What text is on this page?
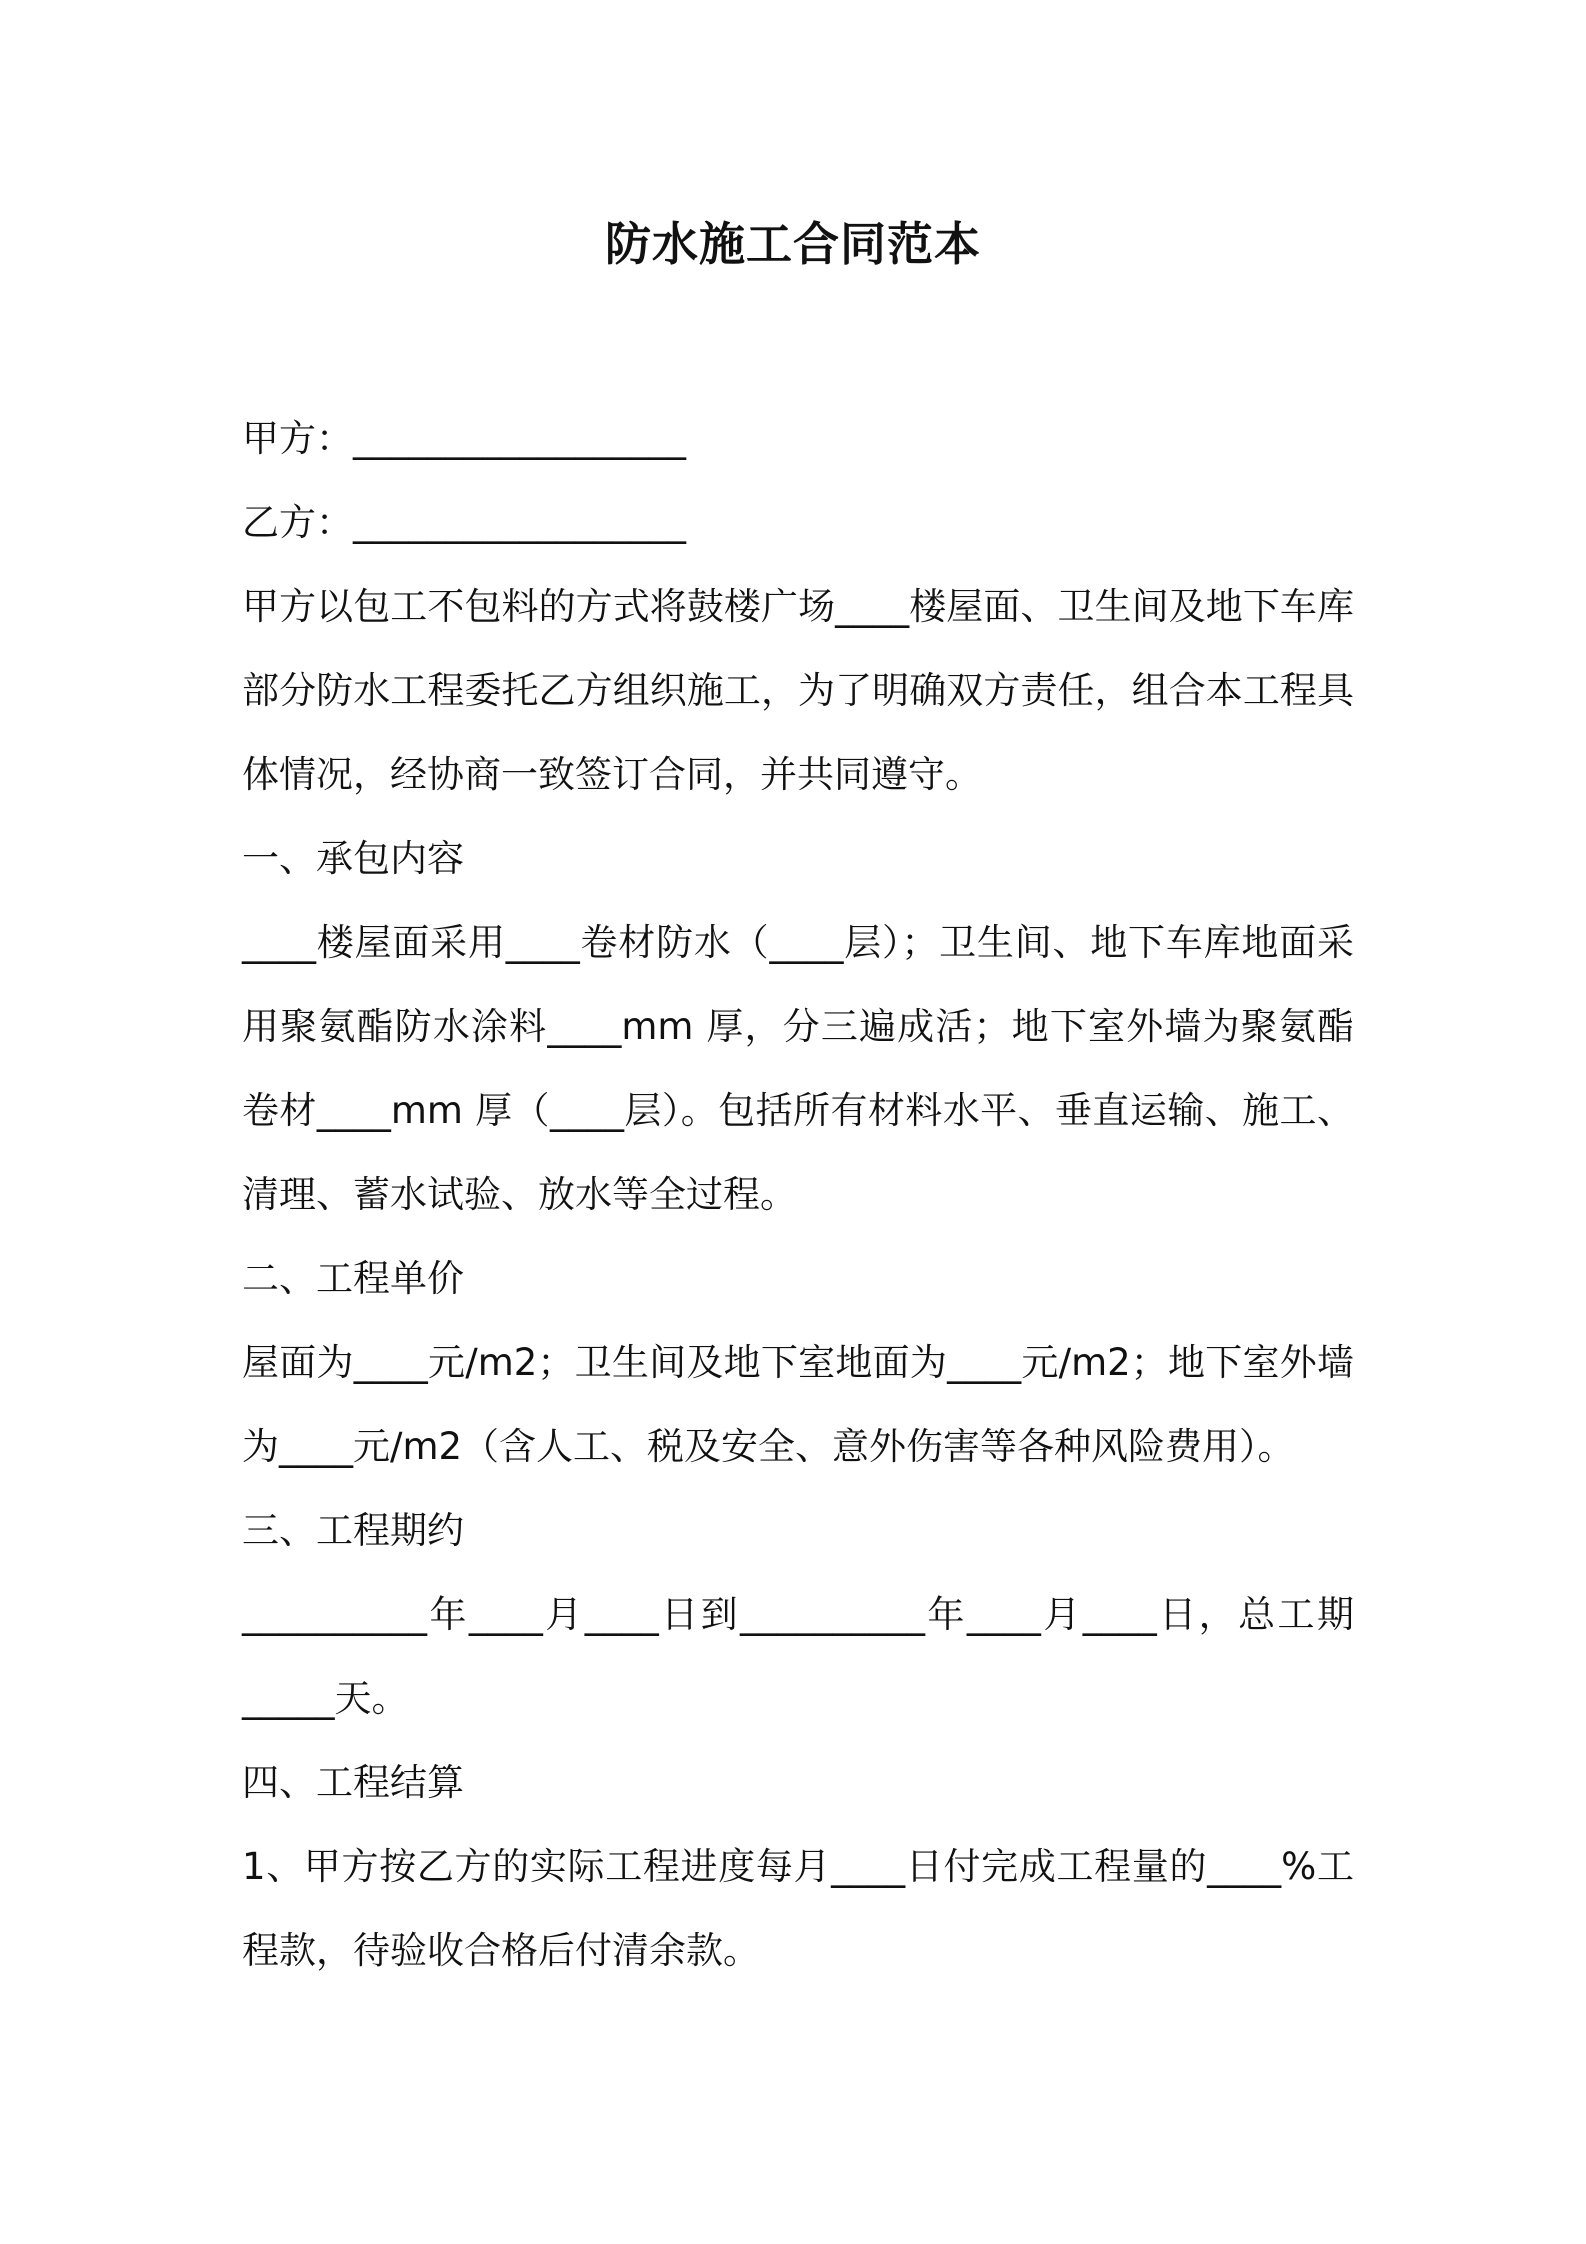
防水施工合同范本

甲方：__________________

乙方：__________________

甲方以包工不包料的方式将鼓楼广场____楼屋面、卫生间及地下车库部分防水工程委托乙方组织施工，为了明确双方责任，组合本工程具体情况，经协商一致签订合同，并共同遵守。

一、承包内容

____楼屋面采用____卷材防水（____层）；卫生间、地下车库地面采用聚氨酯防水涂料____mm 厚，分三遍成活；地下室外墙为聚氨酯卷材____mm 厚（____层）。包括所有材料水平、垂直运输、施工、清理、蓄水试验、放水等全过程。

二、工程单价

屋面为____元/m2；卫生间及地下室地面为____元/m2；地下室外墙为____元/m2（含人工、税及安全、意外伤害等各种风险费用）。

三、工程期约

__________年____月____日到__________年____月____日，总工期_____天。

四、工程结算

1、甲方按乙方的实际工程进度每月____日付完成工程量的____%工程款，待验收合格后付清余款。
